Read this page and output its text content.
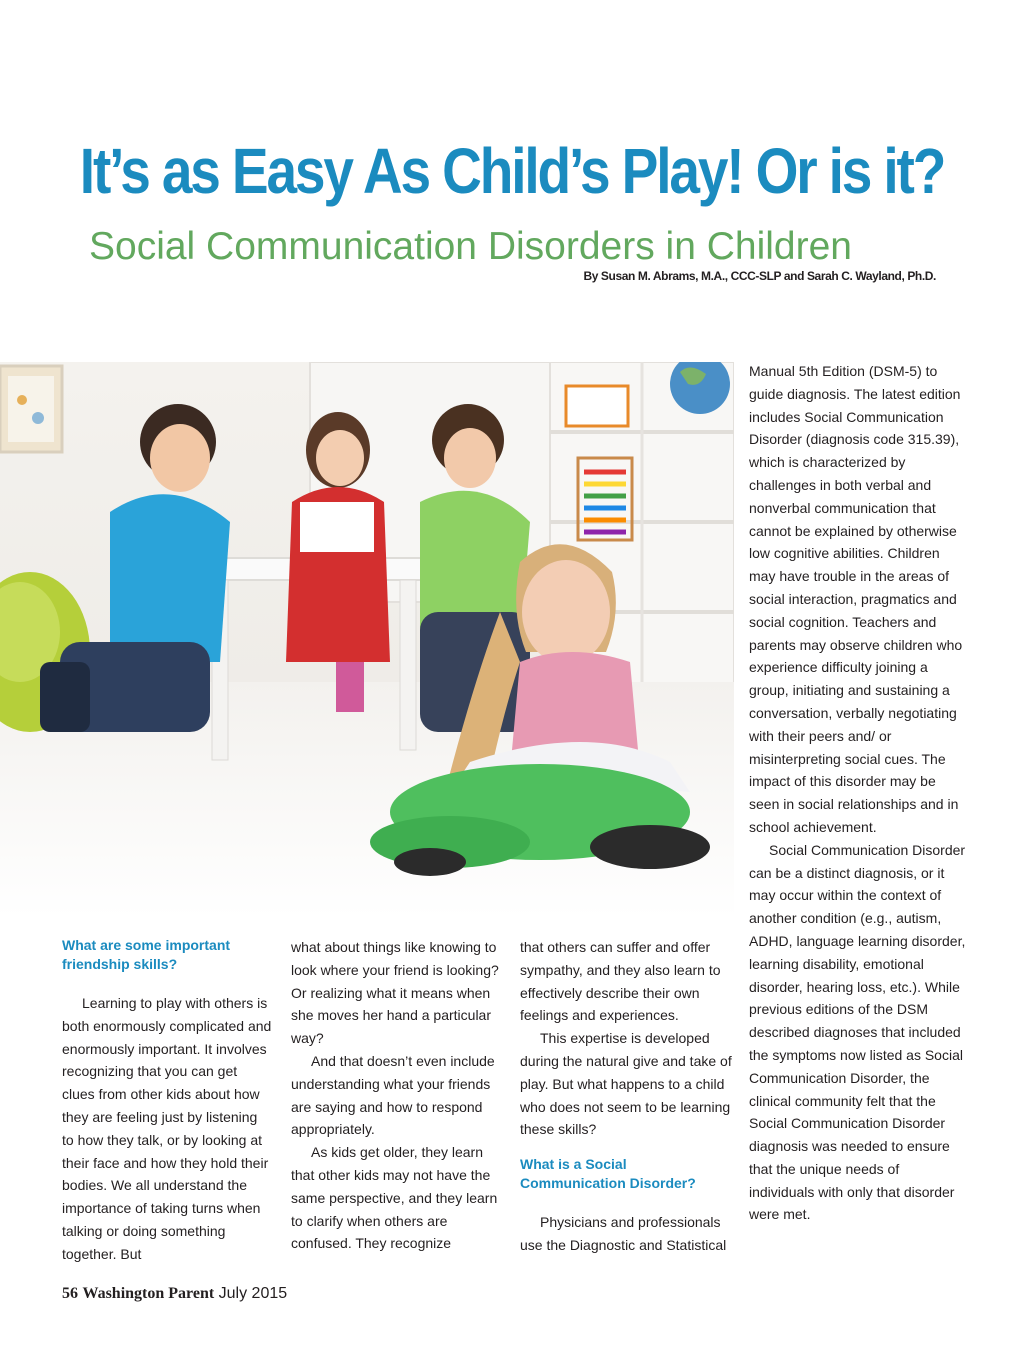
It’s as Easy As Child’s Play! Or is it?
Social Communication Disorders in Children
By Susan M. Abrams, M.A., CCC-SLP and Sarah C. Wayland, Ph.D.
What are some important friendship skills?

Learning to play with others is both enormously complicated and enormously important. It involves recognizing that you can get clues from other kids about how they are feeling just by listening to how they talk, or by looking at their face and how they hold their bodies. We all understand the importance of taking turns when talking or doing something together. But

what about things like knowing to look where your friend is looking? Or realizing what it means when she moves her hand a particular way?

And that doesn’t even include understanding what your friends are saying and how to respond appropriately.

As kids get older, they learn that other kids may not have the same perspective, and they learn to clarify when others are confused. They recognize

that others can suffer and offer sympathy, and they also learn to effectively describe their own feelings and experiences.

This expertise is developed during the natural give and take of play. But what happens to a child who does not seem to be learning these skills?

What is a Social Communication Disorder?

Physicians and professionals use the Diagnostic and Statistical

Manual 5th Edition (DSM-5) to guide diagnosis. The latest edition includes Social Communication Disorder (diagnosis code 315.39), which is characterized by challenges in both verbal and nonverbal communication that cannot be explained by otherwise low cognitive abilities. Children may have trouble in the areas of social interaction, pragmatics and social cognition. Teachers and parents may observe children who experience difficulty joining a group, initiating and sustaining a conversation, verbally negotiating with their peers and/ or misinterpreting social cues. The impact of this disorder may be seen in social relationships and in school achievement.

Social Communication Disorder can be a distinct diagnosis, or it may occur within the context of another condition (e.g., autism, ADHD, language learning disorder, learning disability, emotional disorder, hearing loss, etc.). While previous editions of the DSM described diagnoses that included the symptoms now listed as Social Communication Disorder, the clinical community felt that the Social Communication Disorder diagnosis was needed to ensure that the unique needs of individuals with only that disorder were met.

56 Washington Parent July 2015
